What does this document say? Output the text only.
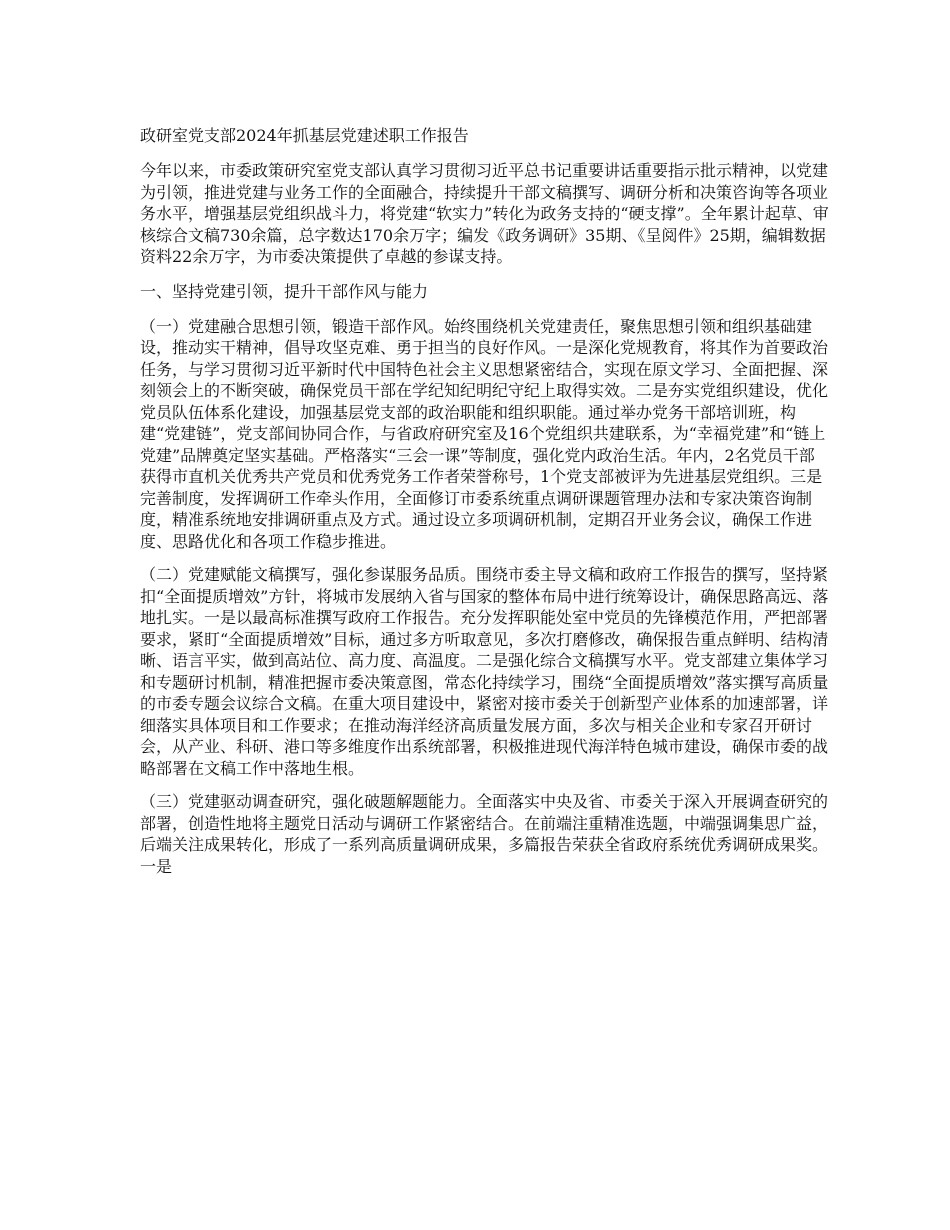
政研室党支部2024年抓基层党建述职工作报告

今年以来，市委政策研究室党支部认真学习贯彻习近平总书记重要讲话重要指示批示精神，以党建为引领，推进党建与业务工作的全面融合，持续提升干部文稿撰写、调研分析和决策咨询等各项业务水平，增强基层党组织战斗力，将党建“软实力”转化为政务支持的“硬支撑”。全年累计起草、审核综合文稿730余篇，总字数达170余万字；编发《政务调研》35期、《呈阅件》25期，编辑数据资料22余万字，为市委决策提供了卓越的参谋支持。

一、坚持党建引领，提升干部作风与能力

（一）党建融合思想引领，锻造干部作风。始终围绕机关党建责任，聚焦思想引领和组织基础建设，推动实干精神，倡导攻坚克难、勇于担当的良好作风。一是深化党规教育，将其作为首要政治任务，与学习贯彻习近平新时代中国特色社会主义思想紧密结合，实现在原文学习、全面把握、深刻领会上的不断突破，确保党员干部在学纪知纪明纪守纪上取得实效。二是夯实党组织建设，优化党员队伍体系化建设，加强基层党支部的政治职能和组织职能。通过举办党务干部培训班，构建“党建链”，党支部间协同合作，与省政府研究室及16个党组织共建联系，为“幸福党建”和“链上党建”品牌奠定坚实基础。严格落实“三会一课”等制度，强化党内政治生活。年内，2名党员干部获得市直机关优秀共产党员和优秀党务工作者荣誉称号，1个党支部被评为先进基层党组织。三是完善制度，发挥调研工作牵头作用，全面修订市委系统重点调研课题管理办法和专家决策咨询制度，精准系统地安排调研重点及方式。通过设立多项调研机制，定期召开业务会议，确保工作进度、思路优化和各项工作稳步推进。

（二）党建赋能文稿撰写，强化参谋服务品质。围绕市委主导文稿和政府工作报告的撰写，坚持紧扣“全面提质增效”方针，将城市发展纳入省与国家的整体布局中进行统筹设计，确保思路高远、落地扎实。一是以最高标准撰写政府工作报告。充分发挥职能处室中党员的先锋模范作用，严把部署要求，紧盯“全面提质增效”目标，通过多方听取意见，多次打磨修改，确保报告重点鲜明、结构清晰、语言平实，做到高站位、高力度、高温度。二是强化综合文稿撰写水平。党支部建立集体学习和专题研讨机制，精准把握市委决策意图，常态化持续学习，围绕“全面提质增效”落实撰写高质量的市委专题会议综合文稿。在重大项目建设中，紧密对接市委关于创新型产业体系的加速部署，详细落实具体项目和工作要求；在推动海洋经济高质量发展方面，多次与相关企业和专家召开研讨会，从产业、科研、港口等多维度作出系统部署，积极推进现代海洋特色城市建设，确保市委的战略部署在文稿工作中落地生根。

（三）党建驱动调查研究，强化破题解题能力。全面落实中央及省、市委关于深入开展调查研究的部署，创造性地将主题党日活动与调研工作紧密结合。在前端注重精准选题，中端强调集思广益，后端关注成果转化，形成了一系列高质量调研成果，多篇报告荣获全省政府系统优秀调研成果奖。一是
